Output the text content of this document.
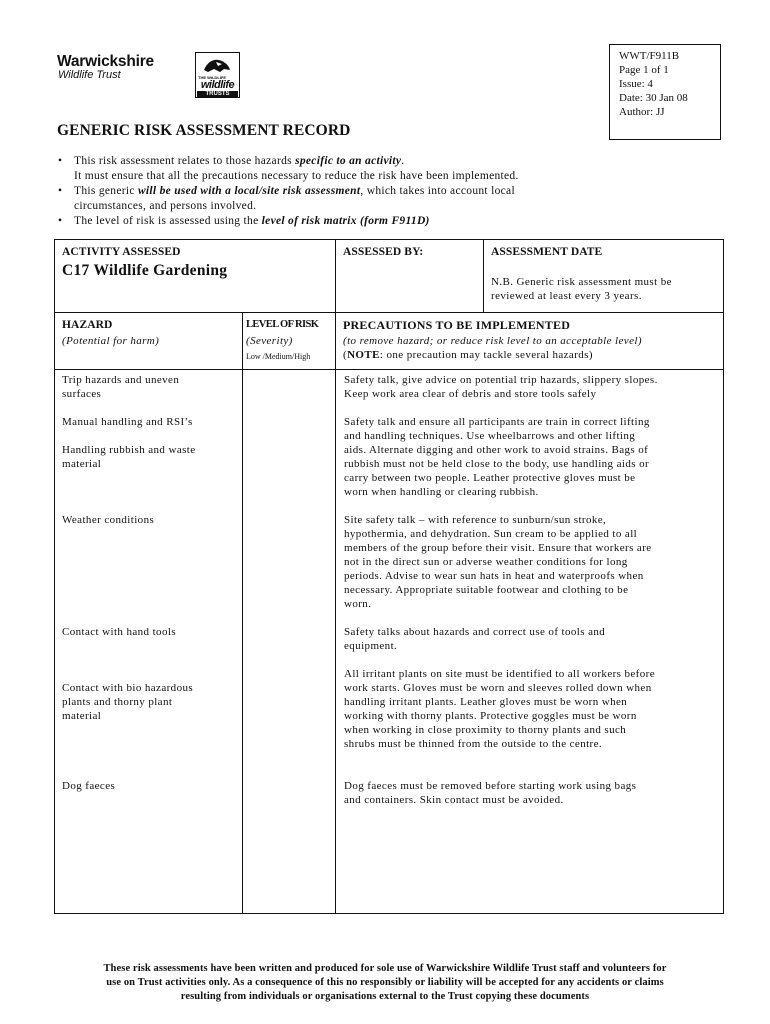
Warwickshire
Wildlife Trust	THE WILDLIFE
wildlife
TRUSTS
WWT/F911B
Page 1 of 1
Issue: 4
Date: 30 Jan 08
Author: JJ
GENERIC RISK ASSESSMENT RECORD
• This risk assessment relates to those hazards specific to an activity.
It must ensure that all the precautions necessary to reduce the risk have been implemented.
• This generic will be used with a local/site risk assessment, which takes into account local
circumstances, and persons involved.
• The level of risk is assessed using the level of risk matrix (form F911D)
ACTIVITY ASSESSED
C17 Wildlife Gardening
ASSESSED BY:	ASSESSMENT DATE
N.B. Generic risk assessment must be
reviewed at least every 3 years.
HAZARD
(Potential for harm)
LEVEL OF RISK
(Severity)
Low /Medium/High
PRECAUTIONS TO BE IMPLEMENTED
(to remove hazard; or reduce risk level to an acceptable level)
(NOTE: one precaution may tackle several hazards)
Trip hazards and uneven
surfaces
Manual handling and RSI’s
Handling rubbish and waste
material
Weather conditions
Contact with hand tools
Contact with bio hazardous
plants and thorny plant
material
Dog faeces
Safety talk, give advice on potential trip hazards, slippery slopes.
Keep work area clear of debris and store tools safely
Safety talk and ensure all participants are train in correct lifting
and handling techniques. Use wheelbarrows and other lifting
aids. Alternate digging and other work to avoid strains. Bags of
rubbish must not be held close to the body, use handling aids or
carry between two people. Leather protective gloves must be
worn when handling or clearing rubbish.
Site safety talk – with reference to sunburn/sun stroke,
hypothermia, and dehydration. Sun cream to be applied to all
members of the group before their visit. Ensure that workers are
not in the direct sun or adverse weather conditions for long
periods. Advise to wear sun hats in heat and waterproofs when
necessary. Appropriate suitable footwear and clothing to be
worn.
Safety talks about hazards and correct use of tools and
equipment.
All irritant plants on site must be identified to all workers before
work starts. Gloves must be worn and sleeves rolled down when
handling irritant plants. Leather gloves must be worn when
working with thorny plants. Protective goggles must be worn
when working in close proximity to thorny plants and such
shrubs must be thinned from the outside to the centre.
Dog faeces must be removed before starting work using bags
and containers. Skin contact must be avoided.
These risk assessments have been written and produced for sole use of Warwickshire Wildlife Trust staff and volunteers for
use on Trust activities only. As a consequence of this no responsibly or liability will be accepted for any accidents or claims
resulting from individuals or organisations external to the Trust copying these documents
